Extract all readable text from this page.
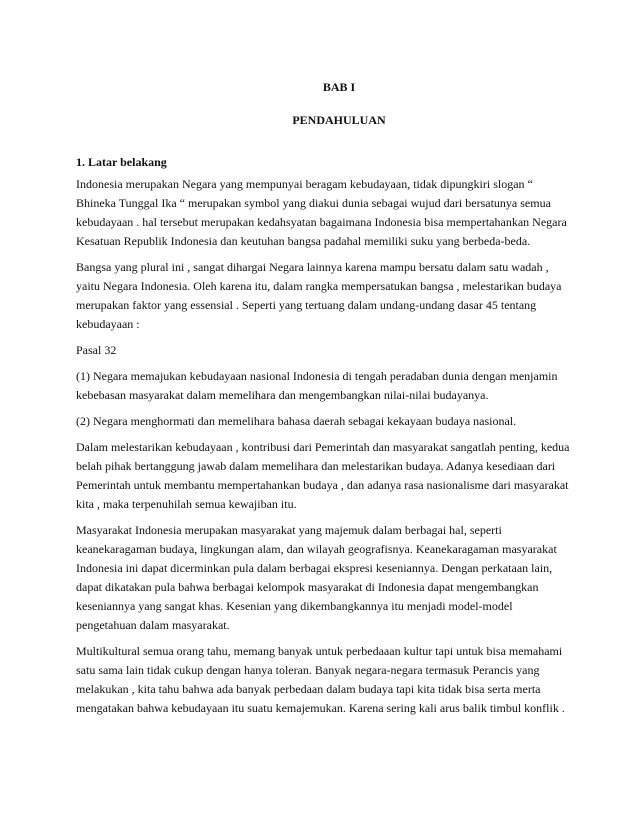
BAB I
PENDAHULUAN

1. Latar belakang

Indonesia merupakan Negara yang mempunyai beragam kebudayaan, tidak dipungkiri slogan “ Bhineka Tunggal Ika “ merupakan symbol yang diakui dunia sebagai wujud dari bersatunya semua kebudayaan . hal tersebut merupakan kedahsyatan bagaimana Indonesia bisa mempertahankan Negara Kesatuan Republik Indonesia dan keutuhan bangsa padahal memiliki suku yang berbeda-beda.

Bangsa yang plural ini , sangat dihargai Negara lainnya karena mampu bersatu dalam satu wadah , yaitu Negara Indonesia. Oleh karena itu, dalam rangka mempersatukan bangsa , melestarikan budaya merupakan faktor yang essensial . Seperti yang tertuang dalam undang-undang dasar 45 tentang kebudayaan :

Pasal 32

(1) Negara memajukan kebudayaan nasional Indonesia di tengah peradaban dunia dengan menjamin kebebasan masyarakat dalam memelihara dan mengembangkan nilai-nilai budayanya.

(2) Negara menghormati dan memelihara bahasa daerah sebagai kekayaan budaya nasional.

Dalam melestarikan kebudayaan , kontribusi dari Pemerintah dan masyarakat sangatlah penting, kedua belah pihak bertanggung jawab dalam memelihara dan melestarikan budaya. Adanya kesediaan dari Pemerintah untuk membantu mempertahankan budaya , dan adanya rasa nasionalisme dari masyarakat kita , maka terpenuhilah semua kewajiban itu.

Masyarakat Indonesia merupakan masyarakat yang majemuk dalam berbagai hal, seperti keanekaragaman budaya, lingkungan alam, dan wilayah geografisnya. Keanekaragaman masyarakat Indonesia ini dapat dicerminkan pula dalam berbagai ekspresi keseniannya. Dengan perkataan lain, dapat dikatakan pula bahwa berbagai kelompok masyarakat di Indonesia dapat mengembangkan keseniannya yang sangat khas. Kesenian yang dikembangkannya itu menjadi model-model pengetahuan dalam masyarakat.

Multikultural semua orang tahu, memang banyak untuk perbedaaan kultur tapi untuk bisa memahami satu sama lain tidak cukup dengan hanya toleran. Banyak negara-negara termasuk Perancis yang melakukan , kita tahu bahwa ada banyak perbedaan dalam budaya tapi kita tidak bisa serta merta mengatakan bahwa kebudayaan itu suatu kemajemukan. Karena sering kali arus balik timbul konflik .
